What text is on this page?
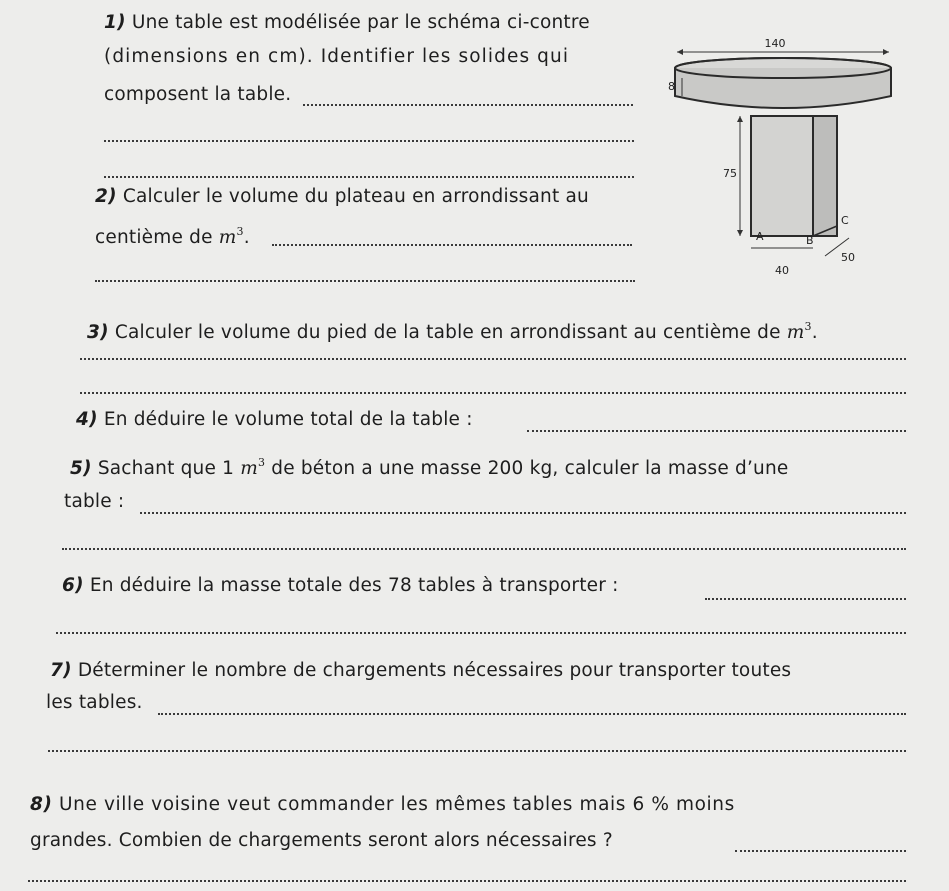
1) Une table est modélisée par le schéma ci-contre
(dimensions en cm). Identifier les solides qui
composent la table.
2) Calculer le volume du plateau en arrondissant au
centième de $m^3$.
140
8
75
40
A	B
C
50
3) Calculer le volume du pied de la table en arrondissant au centième de $m^3$.
4) En déduire le volume total de la table :
5) Sachant que 1 $m^3$ de béton a une masse 200 kg, calculer la masse d’une
table :
6) En déduire la masse totale des 78 tables à transporter :
7) Déterminer le nombre de chargements nécessaires pour transporter toutes
les tables.
8) Une ville voisine veut commander les mêmes tables mais 6 % moins
grandes. Combien de chargements seront alors nécessaires ?
